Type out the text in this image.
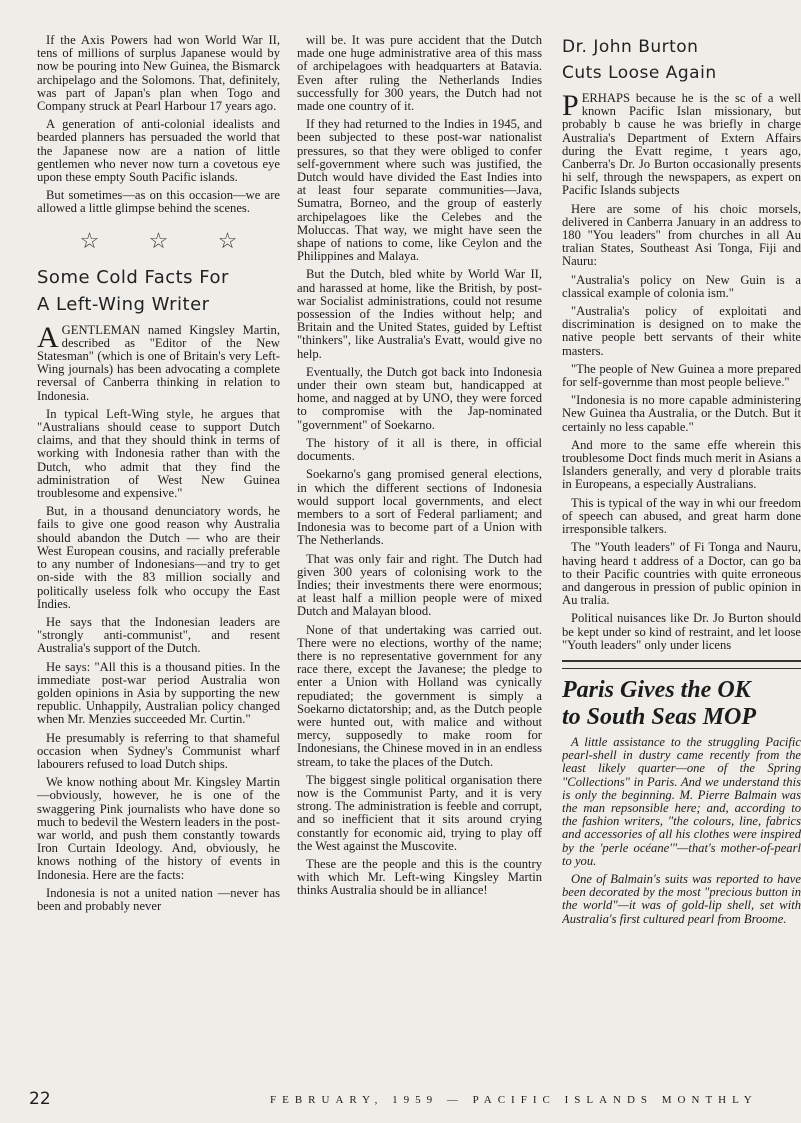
If the Axis Powers had won World War II, tens of millions of surplus Japanese would by now be pouring into New Guinea, the Bismarck archipelago and the Solomons. That, definitely, was part of Japan's plan when Togo and Company struck at Pearl Harbour 17 years ago.

A generation of anti-colonial idealists and bearded planners has persuaded the world that the Japanese now are a nation of little gentlemen who never now turn a covetous eye upon these empty South Pacific islands.

But sometimes—as on this occasion—we are allowed a little glimpse behind the scenes.

☆ ☆ ☆
Some Cold Facts For
A Left-Wing Writer

AGENTLEMAN named Kingsley Martin, described as "Editor of the New Statesman" (which is one of Britain's very Left-Wing journals) has been advocating a complete reversal of Canberra thinking in relation to Indonesia.

In typical Left-Wing style, he argues that "Australians should cease to support Dutch claims, and that they should think in terms of working with Indonesia rather than with the Dutch, who admit that they find the administration of West New Guinea troublesome and expensive."

But, in a thousand denunciatory words, he fails to give one good reason why Australia should abandon the Dutch — who are their West European cousins, and racially preferable to any number of Indonesians—and try to get on-side with the 83 million socially and politically useless folk who occupy the East Indies.

He says that the Indonesian leaders are "strongly anti-communist", and resent Australia's support of the Dutch.

He says: "All this is a thousand pities. In the immediate post-war period Australia won golden opinions in Asia by supporting the new republic. Unhappily, Australian policy changed when Mr. Menzies succeeded Mr. Curtin."

He presumably is referring to that shameful occasion when Sydney's Communist wharf labourers refused to load Dutch ships.

We know nothing about Mr. Kingsley Martin—obviously, however, he is one of the swaggering Pink journalists who have done so much to bedevil the Western leaders in the post-war world, and push them constantly towards Iron Curtain Ideology. And, obviously, he knows nothing of the history of events in Indonesia. Here are the facts:

Indonesia is not a united nation —never has been and probably never

will be. It was pure accident that the Dutch made one huge administrative area of this mass of archipelagoes with headquarters at Batavia. Even after ruling the Netherlands Indies successfully for 300 years, the Dutch had not made one country of it.

If they had returned to the Indies in 1945, and been subjected to these post-war nationalist pressures, so that they were obliged to confer self-government where such was justified, the Dutch would have divided the East Indies into at least four separate communities—Java, Sumatra, Borneo, and the group of easterly archipelagoes like the Celebes and the Moluccas. That way, we might have seen the shape of nations to come, like Ceylon and the Philippines and Malaya.

But the Dutch, bled white by World War II, and harassed at home, like the British, by post-war Socialist administrations, could not resume possession of the Indies without help; and Britain and the United States, guided by Leftist "thinkers", like Australia's Evatt, would give no help.

Eventually, the Dutch got back into Indonesia under their own steam but, handicapped at home, and nagged at by UNO, they were forced to compromise with the Jap-nominated "government" of Soekarno.

The history of it all is there, in official documents.

Soekarno's gang promised general elections, in which the different sections of Indonesia would support local governments, and elect members to a sort of Federal parliament; and Indonesia was to become part of a Union with The Netherlands.

That was only fair and right. The Dutch had given 300 years of colonising work to the Indies; their investments there were enormous; at least half a million people were of mixed Dutch and Malayan blood.

None of that undertaking was carried out. There were no elections, worthy of the name; there is no representative government for any race there, except the Javanese; the pledge to enter a Union with Holland was cynically repudiated; the government is simply a Soekarno dictatorship; and, as the Dutch people were hunted out, with malice and without mercy, supposedly to make room for Indonesians, the Chinese moved in in an endless stream, to take the places of the Dutch.

The biggest single political organisation there now is the Communist Party, and it is very strong. The administration is feeble and corrupt, and so inefficient that it sits around crying constantly for economic aid, trying to play off the West against the Muscovite.

These are the people and this is the country with which Mr. Left-wing Kingsley Martin thinks Australia should be in alliance!

Dr. John Burton
Cuts Loose Again

PERHAPS because he is the sc of a well known Pacific Islan missionary, but probably b cause he was briefly in charge Australia's Department of Extern Affairs during the Evatt regime, t years ago, Canberra's Dr. Jo Burton occasionally presents hi self, through the newspapers, as expert on Pacific Islands subjects

Here are some of his choic morsels, delivered in Canberra January in an address to 180 "You leaders" from churches in all Au tralian States, Southeast Asi Tonga, Fiji and Nauru:

"Australia's policy on New Guin is a classical example of colonia ism."

"Australia's policy of exploitati and discrimination is designed on to make the native people bett servants of their white masters.

"The people of New Guinea a more prepared for self-governme than most people believe."

"Indonesia is no more capable administering New Guinea tha Australia, or the Dutch. But it certainly no less capable."

And more to the same effe wherein this troublesome Doct finds much merit in Asians a Islanders generally, and very d plorable traits in Europeans, a especially Australians.

This is typical of the way in whi our freedom of speech can abused, and great harm done irresponsible talkers.

The "Youth leaders" of Fi Tonga and Nauru, having heard t address of a Doctor, can go ba to their Pacific countries with quite erroneous and dangerous in pression of public opinion in Au tralia.

Political nuisances like Dr. Jo Burton should be kept under so kind of restraint, and let loose "Youth leaders" only under licens

Paris Gives the OK
to South Seas MOP

A little assistance to the struggling Pacific pearl-shell in dustry came recently from the least likely quarter—one of the Spring "Collections" in Paris. And we understand this is only the beginning. M. Pierre Balmain was the man repsonsible here; and, according to the fashion writers, "the colours, line, fabrics and accessories of all his clothes were inspired by the 'perle océane'"—that's mother-of-pearl to you.

One of Balmain's suits was reported to have been decorated by the most "precious button in the world"—it was of gold-lip shell, set with Australia's first cultured pearl from Broome.

22	FEBRUARY, 1959 — PACIFIC ISLANDS MONTHLY
